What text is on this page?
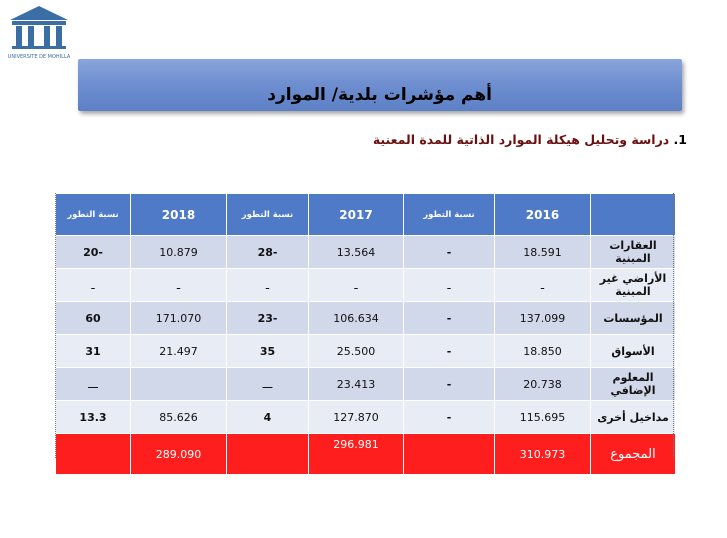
UNIVERSITE DE MOHILLA
أهم مؤشرات بلدية/ الموارد
1. دراسة وتحليل هيكلة الموارد الذاتية للمدة المعنية
نسبة التطور	2018	نسبة التطور	2017	نسبة التطور	2016	
20-	10.879	28-	13.564	-	18.591	العقارات المبنية
ـ	ـ	ـ	ـ	ـ	ـ	الأراضي غير المبنية
60	171.070	23-	106.634	-	137.099	المؤسسات
31	21.497	35	25.500	-	18.850	الأسواق
ـــ		ـــ	23.413	-	20.738	المعلوم الإضافي
13.3	85.626	4	127.870	-	115.695	مداخيل أخرى
	289.090		296.981		310.973	المجموع
